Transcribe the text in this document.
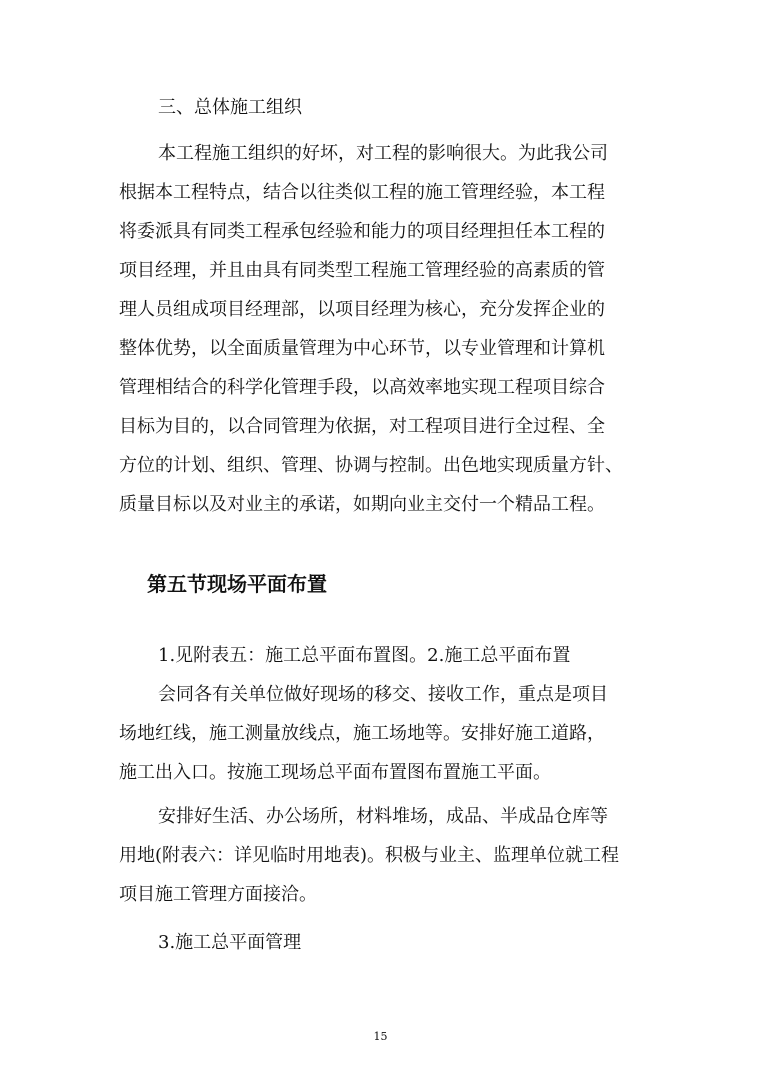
三、总体施工组织
本工程施工组织的好坏，对工程的影响很大。为此我公司
根据本工程特点，结合以往类似工程的施工管理经验，本工程
将委派具有同类工程承包经验和能力的项目经理担任本工程的
项目经理，并且由具有同类型工程施工管理经验的高素质的管
理人员组成项目经理部，以项目经理为核心，充分发挥企业的
整体优势，以全面质量管理为中心环节，以专业管理和计算机
管理相结合的科学化管理手段，以高效率地实现工程项目综合
目标为目的，以合同管理为依据，对工程项目进行全过程、全
方位的计划、组织、管理、协调与控制。出色地实现质量方针、
质量目标以及对业主的承诺，如期向业主交付一个精品工程。
第五节现场平面布置
1.见附表五：施工总平面布置图。2.施工总平面布置
会同各有关单位做好现场的移交、接收工作，重点是项目
场地红线，施工测量放线点，施工场地等。安排好施工道路，
施工出入口。按施工现场总平面布置图布置施工平面。
安排好生活、办公场所，材料堆场，成品、半成品仓库等
用地(附表六：详见临时用地表)。积极与业主、监理单位就工程
项目施工管理方面接洽。
3.施工总平面管理
15
